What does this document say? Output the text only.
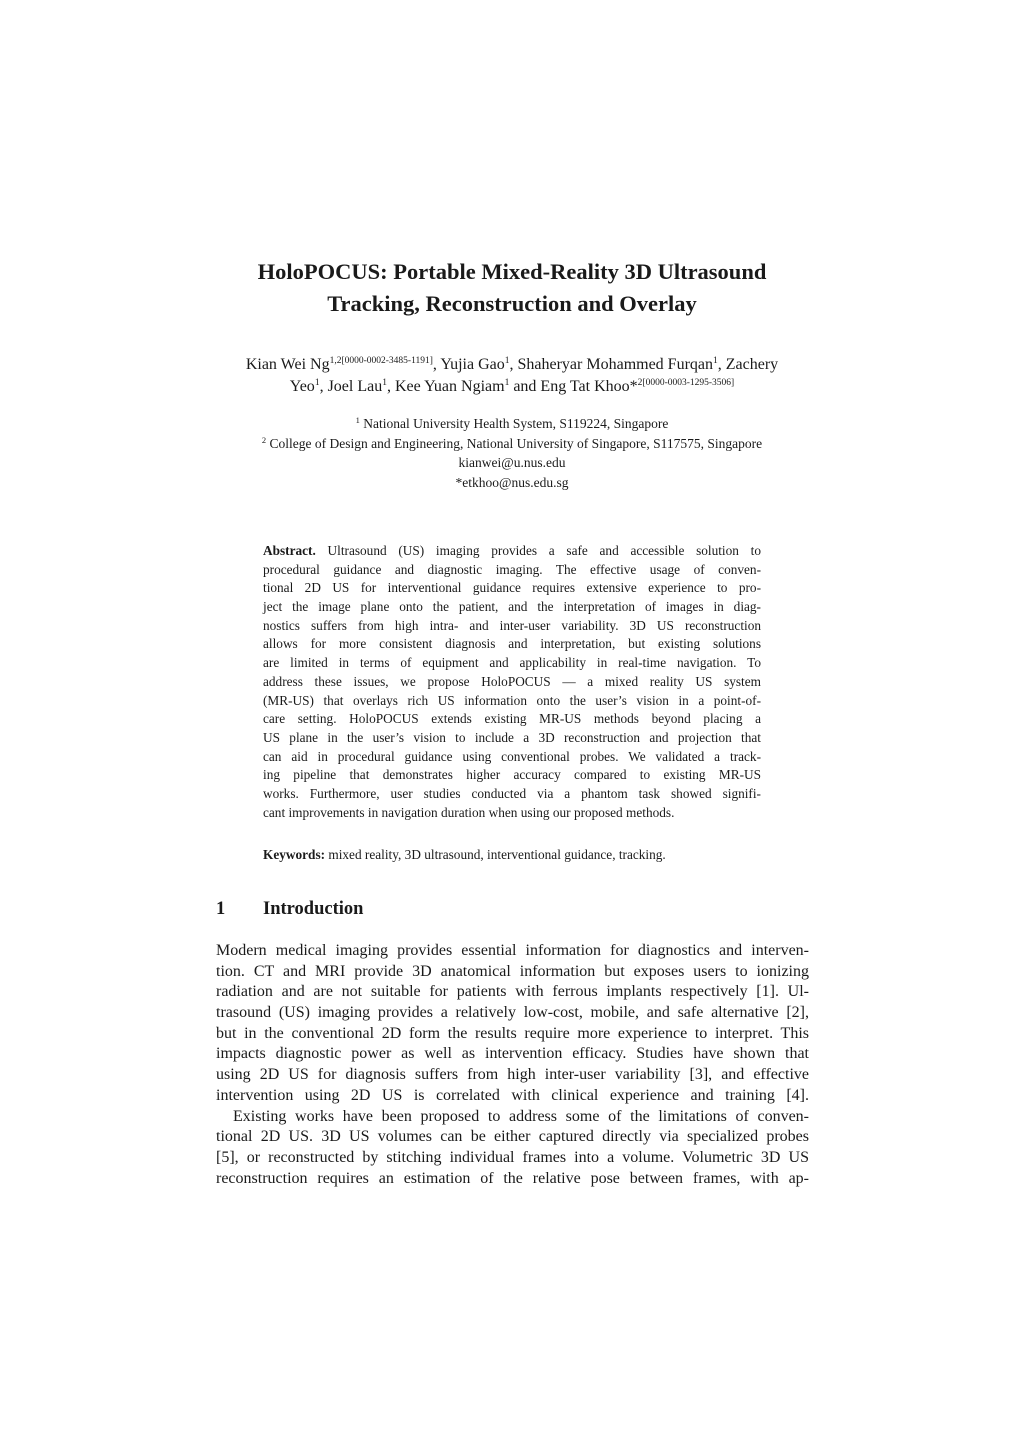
HoloPOCUS: Portable Mixed-Reality 3D Ultrasound
Tracking, Reconstruction and Overlay
Kian Wei $Ng^{1,2[0000-0002-3485-1191]}$, Yujia Gao$^1$, Shaheryar Mohammed Furqan$^1$, Zachery
Yeo$^1$, Joel Lau$^1$, Kee Yuan Ngiam$^1$ and Eng Tat Khoo*$^{2[0000-0003-1295-3506]}$
$^1$ National University Health System, S119224, Singapore
$^2$ College of Design and Engineering, National University of Singapore, S117575, Singapore
kianwei@u.nus.edu
*etkhoo@nus.edu.sg
Abstract. Ultrasound (US) imaging provides a safe and accessible solution to
procedural guidance and diagnostic imaging. The effective usage of conven-
tional 2D US for interventional guidance requires extensive experience to pro-
ject the image plane onto the patient, and the interpretation of images in diag-
nostics suffers from high intra- and inter-user variability. 3D US reconstruction
allows for more consistent diagnosis and interpretation, but existing solutions
are limited in terms of equipment and applicability in real-time navigation. To
address these issues, we propose HoloPOCUS — a mixed reality US system
(MR-US) that overlays rich US information onto the user’s vision in a point-of-
care setting. HoloPOCUS extends existing MR-US methods beyond placing a
US plane in the user’s vision to include a 3D reconstruction and projection that
can aid in procedural guidance using conventional probes. We validated a track-
ing pipeline that demonstrates higher accuracy compared to existing MR-US
works. Furthermore, user studies conducted via a phantom task showed signifi-
cant improvements in navigation duration when using our proposed methods.
Keywords: mixed reality, 3D ultrasound, interventional guidance, tracking.
1 Introduction
Modern medical imaging provides essential information for diagnostics and interven-
tion. CT and MRI provide 3D anatomical information but exposes users to ionizing
radiation and are not suitable for patients with ferrous implants respectively [1]. Ul-
trasound (US) imaging provides a relatively low-cost, mobile, and safe alternative [2],
but in the conventional 2D form the results require more experience to interpret. This
impacts diagnostic power as well as intervention efficacy. Studies have shown that
using 2D US for diagnosis suffers from high inter-user variability [3], and effective
intervention using 2D US is correlated with clinical experience and training [4].
Existing works have been proposed to address some of the limitations of conven-
tional 2D US. 3D US volumes can be either captured directly via specialized probes
[5], or reconstructed by stitching individual frames into a volume. Volumetric 3D US
reconstruction requires an estimation of the relative pose between frames, with ap-
